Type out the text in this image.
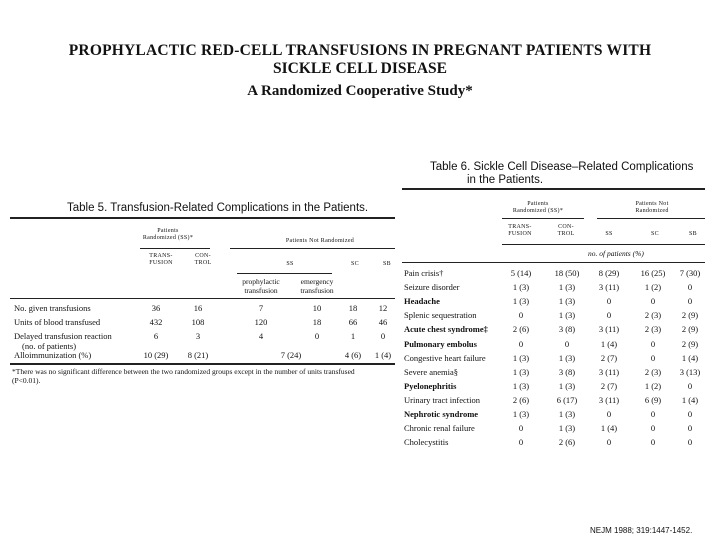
PROPHYLACTIC RED-CELL TRANSFUSIONS IN PREGNANT PATIENTS WITH
SICKLE CELL DISEASE
A Randomized Cooperative Study*
Table 6. Sickle Cell Disease–Related Complications
in the Patients.
Patients
Randomized (SS)*
Patients Not
Randomized
TRANS-
FUSION
CON-
TROL	SS	SC	SB
no. of patients (%)
Pain crisis†	5 (14)	18 (50)	8 (29)	16 (25)	7 (30)
Seizure disorder	1 (3)	1 (3)	3 (11)	1 (2)	0
Headache	1 (3)	1 (3)	0	0	0
Splenic sequestration	0	1 (3)	0	2 (3)	2 (9)
Acute chest syndrome‡	2 (6)	3 (8)	3 (11)	2 (3)	2 (9)
Pulmonary embolus	0	0	1 (4)	0	2 (9)
Congestive heart failure	1 (3)	1 (3)	2 (7)	0	1 (4)
Severe anemia§	1 (3)	3 (8)	3 (11)	2 (3)	3 (13)
Pyelonephritis	1 (3)	1 (3)	2 (7)	1 (2)	0
Urinary tract infection	2 (6)	6 (17)	3 (11)	6 (9)	1 (4)
Nephrotic syndrome	1 (3)	1 (3)	0	0	0
Chronic renal failure	0	1 (3)	1 (4)	0	0
Cholecystitis	0	2 (6)	0	0	0
Table 5. Transfusion-Related Complications in the Patients.
Patients
Randomized (SS)*	Patients Not Randomized
TRANS-
FUSION
CON-
TROL	SS	SC	SB
prophylactic
transfusion
emergency
transfusion
No. given transfusions	36	16	7	10	18	12
Units of blood transfused	432	108	120	18	66	46
Delayed transfusion reaction
(no. of patients)
6	3	4	0	1	0
Alloimmunization (%)	10 (29)	8 (21)	7 (24)	4 (6)	1 (4)
*There was no significant difference between the two randomized groups except in the number of units transfused
(P<0.01).
NEJM 1988; 319:1447-1452.
